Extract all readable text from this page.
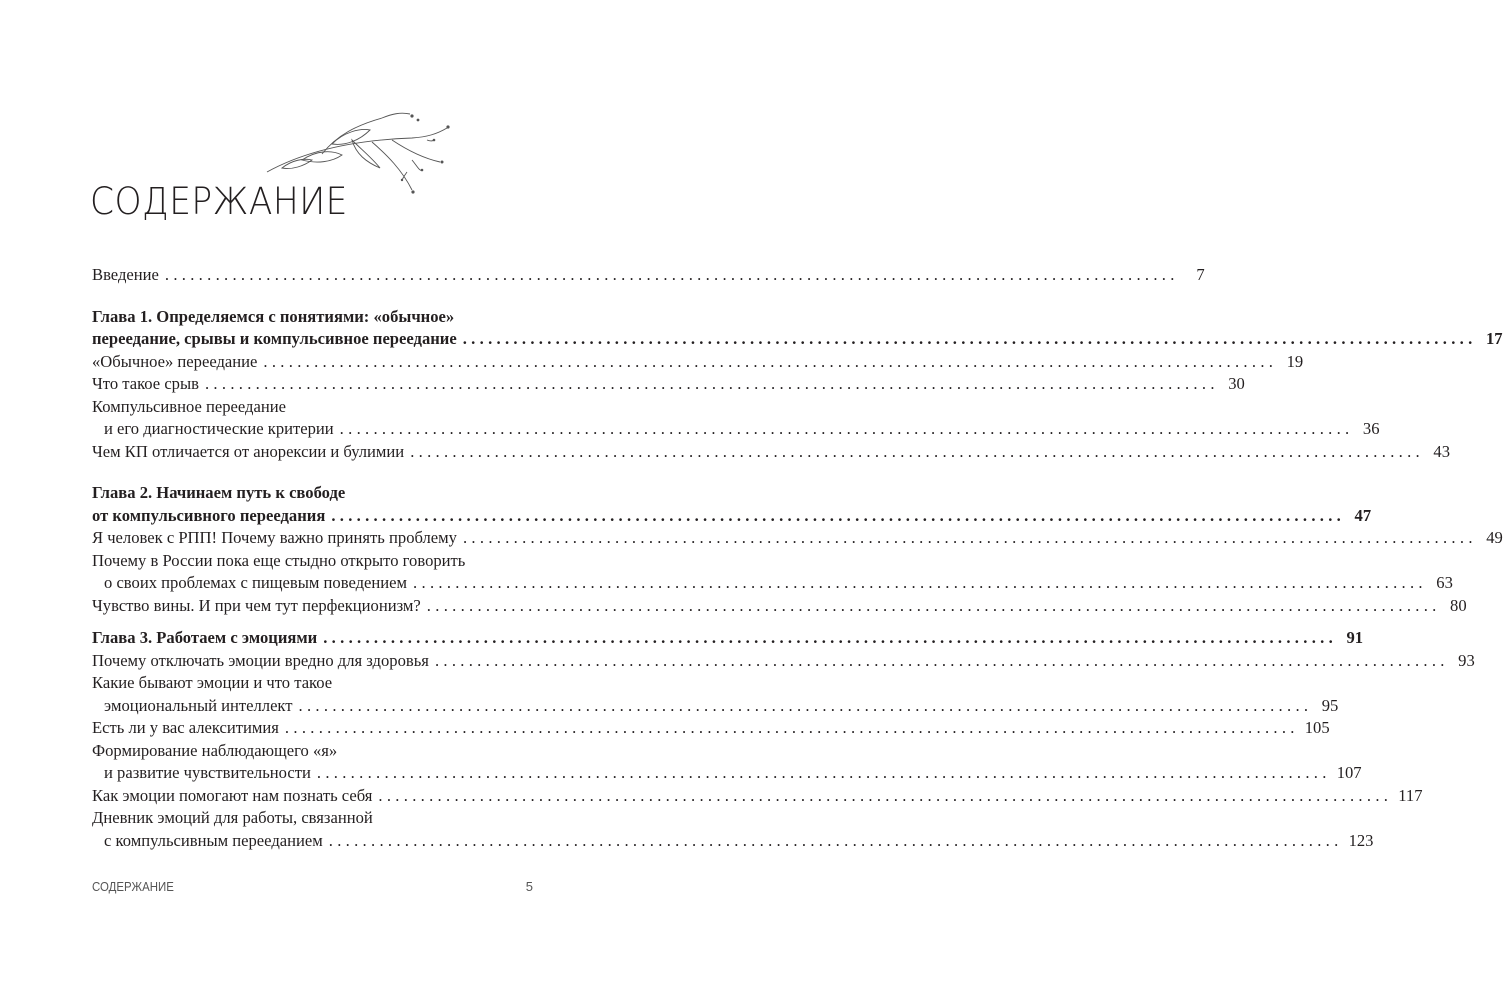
СОДЕРЖАНИЕ
Введение ........................................................................................................................	7
Глава 1. Определяемся с понятиями: «обычное»
переедание, срывы и компульсивное переедание ........................................................................................................................ 17
«Обычное» переедание ........................................................................................................................ 19
Что такое срыв ........................................................................................................................ 30
Компульсивное переедание
и его диагностические критерии ........................................................................................................................ 36
Чем КП отличается от анорексии и булимии ........................................................................................................................ 43
Глава 2. Начинаем путь к свободе
от компульсивного переедания ........................................................................................................................ 47
Я человек с РПП! Почему важно принять проблему ........................................................................................................................ 49
Почему в России пока еще стыдно открыто говорить
о своих проблемах с пищевым поведением ........................................................................................................................ 63
Чувство вины. И при чем тут перфекционизм? ........................................................................................................................ 80
Глава 3. Работаем с эмоциями ........................................................................................................................ 91
Почему отключать эмоции вредно для здоровья ........................................................................................................................ 93
Какие бывают эмоции и что такое
эмоциональный интеллект ........................................................................................................................ 95
Есть ли у вас алекситимия ........................................................................................................................ 105
Формирование наблюдающего «я»
и развитие чувствительности ........................................................................................................................ 107
Как эмоции помогают нам познать себя ........................................................................................................................ 117
Дневник эмоций для работы, связанной
с компульсивным перееданием ........................................................................................................................ 123
СОДЕРЖАНИЕ	5
